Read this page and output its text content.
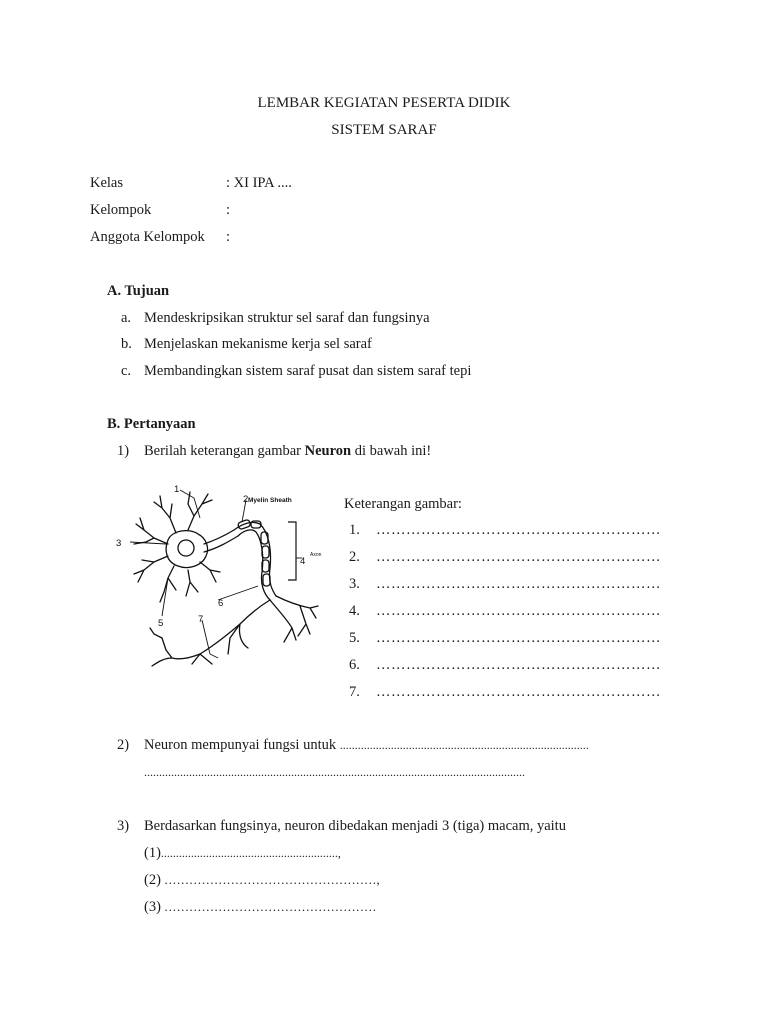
LEMBAR KEGIATAN PESERTA DIDIK
SISTEM SARAF
Kelas	: XI IPA ....
Kelompok	:
Anggota Kelompok :
A. Tujuan
a. Mendeskripsikan struktur sel saraf dan fungsinya
b. Menjelaskan mekanisme kerja sel saraf
c. Membandingkan sistem saraf pusat dan sistem saraf tepi
B. Pertanyaan
1) Berilah keterangan gambar Neuron di bawah ini!
1
2
3
4
5
6
7
Myelin Sheath
Axon
Keterangan gambar:
1. …………………………………………………
2. …………………………………………………
3. …………………………………………………
4. …………………………………………………
5. …………………………………………………
6. …………………………………………………
7. …………………………………………………
2) Neuron mempunyai fungsi untuk ...................................................................................
...............................................................................................................................
3) Berdasarkan fungsinya, neuron dibedakan menjadi 3 (tiga) macam, yaitu
(1)...........................................................,
(2) ……………………………………………,
(3) ……………………………………………
